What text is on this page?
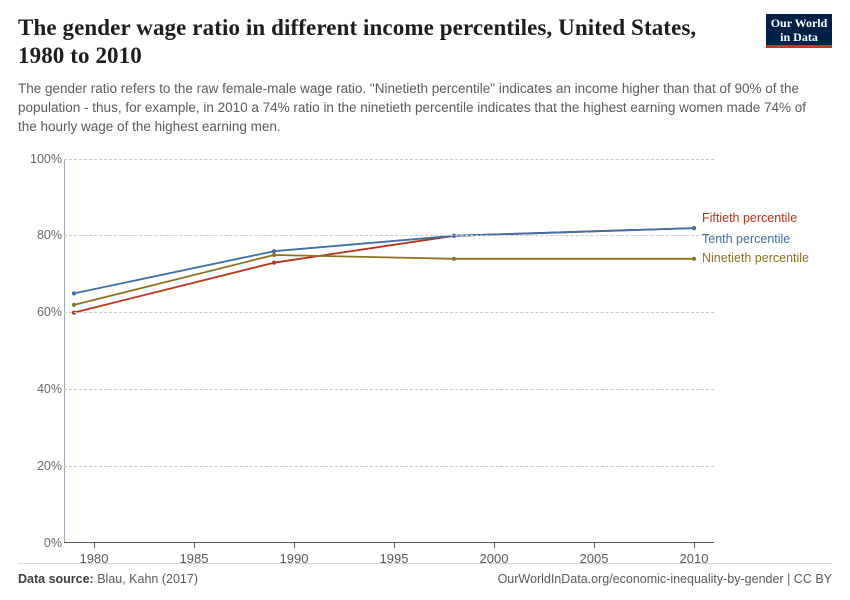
The gender wage ratio in different income percentiles, United States, 1980 to 2010

The gender ratio refers to the raw female-male wage ratio. "Ninetieth percentile" indicates an income higher than that of 90% of the population - thus, for example, in 2010 a 74% ratio in the ninetieth percentile indicates that the highest earning women made 74% of the hourly wage of the highest earning men.

Our World
in Data
0%
20%
40%
60%
80%
100%
1980	1985	1990	1995	2000	2005	2010
Fiftieth percentile
Tenth percentile
Ninetieth percentile
Data source: Blau, Kahn (2017)	OurWorldInData.org/economic-inequality-by-gender | CC BY
